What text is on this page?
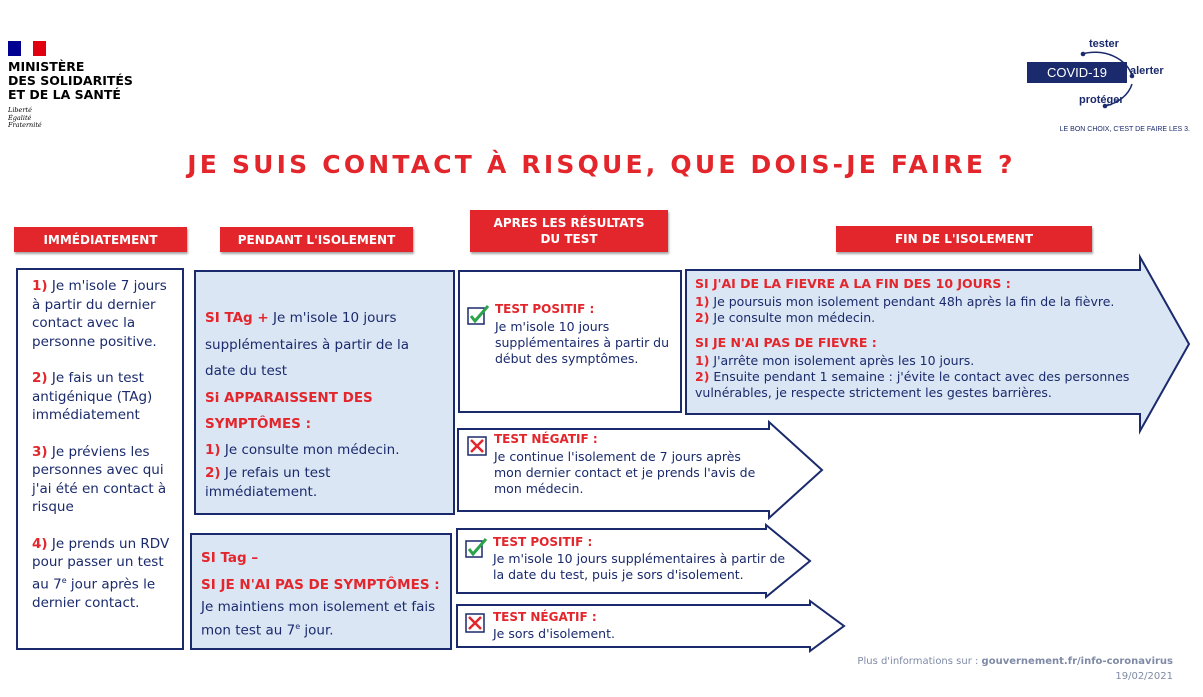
MINISTÈRE
DES SOLIDARITÉS
ET DE LA SANTÉ
Liberté
Égalité
Fraternité
COVID-19
tester
alerter
protéger
LE BON CHOIX, C'EST DE FAIRE LES 3.
JE SUIS CONTACT À RISQUE, QUE DOIS-JE FAIRE ?
IMMÉDIATEMENT	PENDANT L'ISOLEMENT
APRES LES RÉSULTATS
DU TEST	FIN DE L'ISOLEMENT
1) Je m'isole 7 jours à partir du dernier contact avec la personne positive.
2) Je fais un test antigénique (TAg) immédiatement
3) Je préviens les personnes avec qui j'ai été en contact à risque
4) Je prends un RDV pour passer un test au 7e jour après le dernier contact.
SI TAg + Je m'isole 10 jours supplémentaires à partir de la date du test
Si APPARAISSENT DES SYMPTÔMES :
1) Je consulte mon médecin.
2) Je refais un test immédiatement.
SI Tag –
SI JE N'AI PAS DE SYMPTÔMES :
Je maintiens mon isolement et fais mon test au 7e jour.
TEST POSITIF :
Je m'isole 10 jours supplémentaires à partir du début des symptômes.
TEST NÉGATIF :
Je continue l'isolement de 7 jours après mon dernier contact et je prends l'avis de mon médecin.
TEST POSITIF :
Je m'isole 10 jours supplémentaires à partir de la date du test, puis je sors d'isolement.
TEST NÉGATIF :
Je sors d'isolement.
SI J'AI DE LA FIEVRE A LA FIN DES 10 JOURS :
1) Je poursuis mon isolement pendant 48h après la fin de la fièvre.
2) Je consulte mon médecin.
SI JE N'AI PAS DE FIEVRE :
1) J'arrête mon isolement après les 10 jours.
2) Ensuite pendant 1 semaine : j'évite le contact avec des personnes vulnérables, je respecte strictement les gestes barrières.
Plus d'informations sur : gouvernement.fr/info-coronavirus
19/02/2021
